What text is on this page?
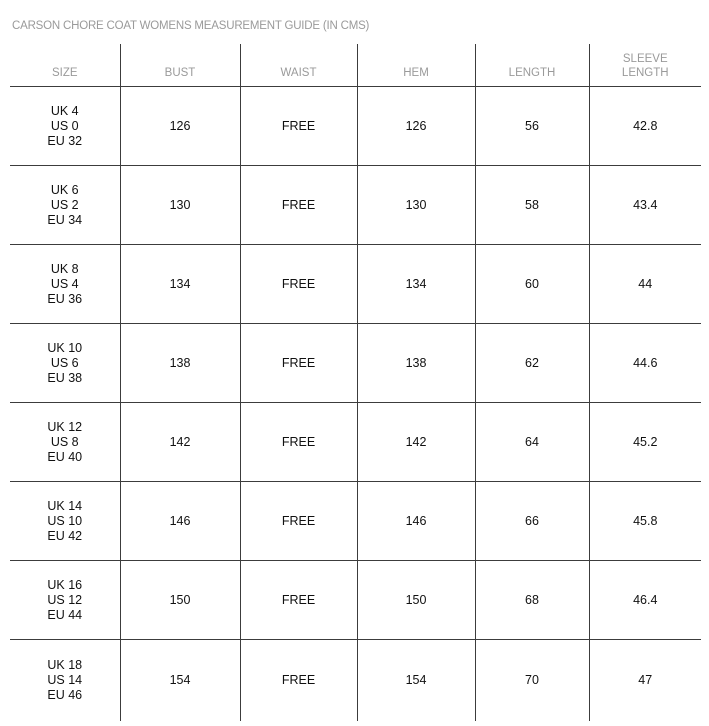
CARSON CHORE COAT WOMENS MEASUREMENT GUIDE (IN CMS)
SIZE	BUST	WAIST	HEM	LENGTH	SLEEVE
LENGTH

UK 4
US 0
EU 32	126	FREE	126	56	42.8

UK 6
US 2
EU 34	130	FREE	130	58	43.4

UK 8
US 4
EU 36	134	FREE	134	60	44

UK 10
US 6
EU 38	138	FREE	138	62	44.6

UK 12
US 8
EU 40	142	FREE	142	64	45.2

UK 14
US 10
EU 42	146	FREE	146	66	45.8

UK 16
US 12
EU 44	150	FREE	150	68	46.4

UK 18
US 14
EU 46	154	FREE	154	70	47
